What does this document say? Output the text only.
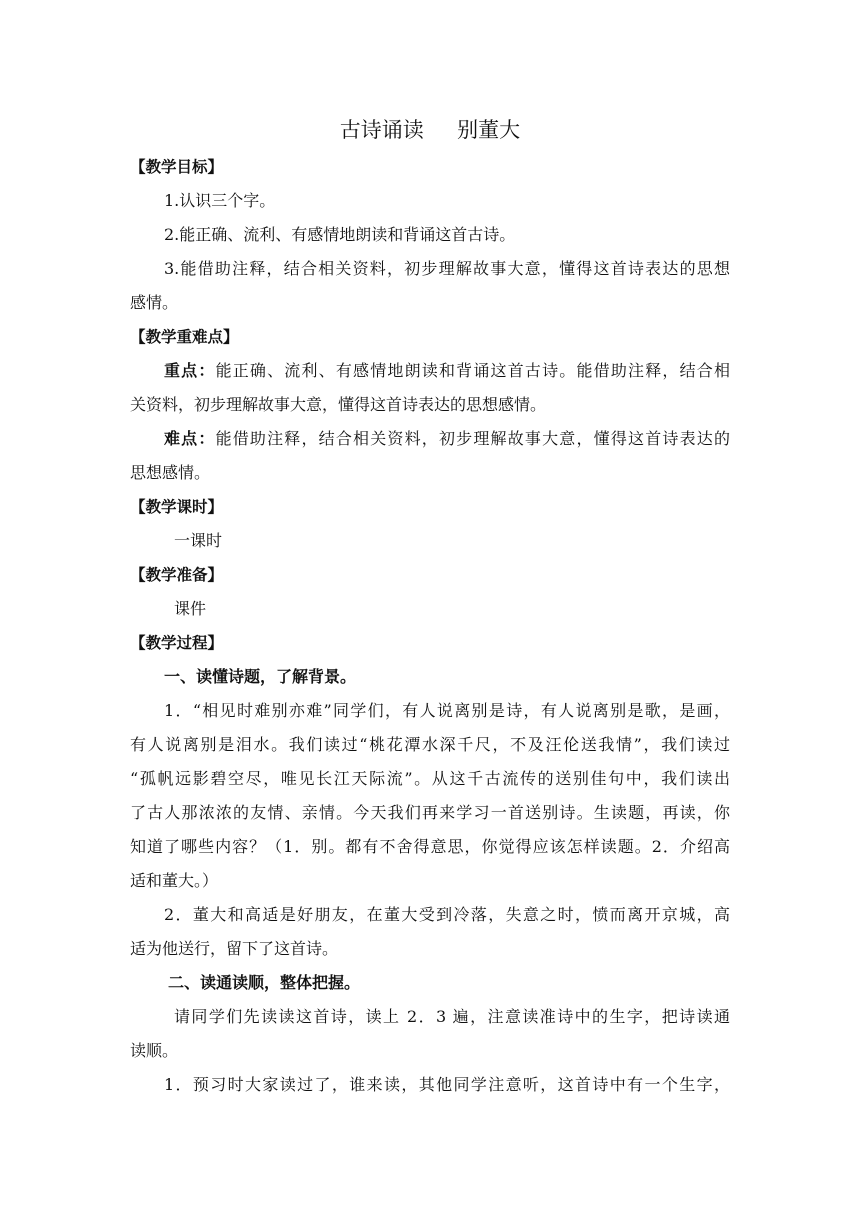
古诗诵读     别董大
【教学目标】
1.认识三个字。
2.能正确、流利、有感情地朗读和背诵这首古诗。
3.能借助注释，结合相关资料，初步理解故事大意，懂得这首诗表达的思想
感情。
【教学重难点】
重点：能正确、流利、有感情地朗读和背诵这首古诗。能借助注释，结合相
关资料，初步理解故事大意，懂得这首诗表达的思想感情。
难点：能借助注释，结合相关资料，初步理解故事大意，懂得这首诗表达的
思想感情。
【教学课时】
一课时
【教学准备】
课件
【教学过程】
一、读懂诗题，了解背景。
1．“相见时难别亦难”同学们，有人说离别是诗，有人说离别是歌，是画，
有人说离别是泪水。我们读过“桃花潭水深千尺，不及汪伦送我情”，我们读过
“孤帆远影碧空尽，唯见长江天际流”。从这千古流传的送别佳句中，我们读出
了古人那浓浓的友情、亲情。今天我们再来学习一首送别诗。生读题，再读，你
知道了哪些内容？（1．别。都有不舍得意思，你觉得应该怎样读题。2．介绍高
适和董大。）
2．董大和高适是好朋友，在董大受到冷落，失意之时，愤而离开京城，高
适为他送行，留下了这首诗。
二、读通读顺，整体把握。
请同学们先读读这首诗，读上 2．3 遍，注意读准诗中的生字，把诗读通
读顺。
1．预习时大家读过了，谁来读，其他同学注意听，这首诗中有一个生字，
